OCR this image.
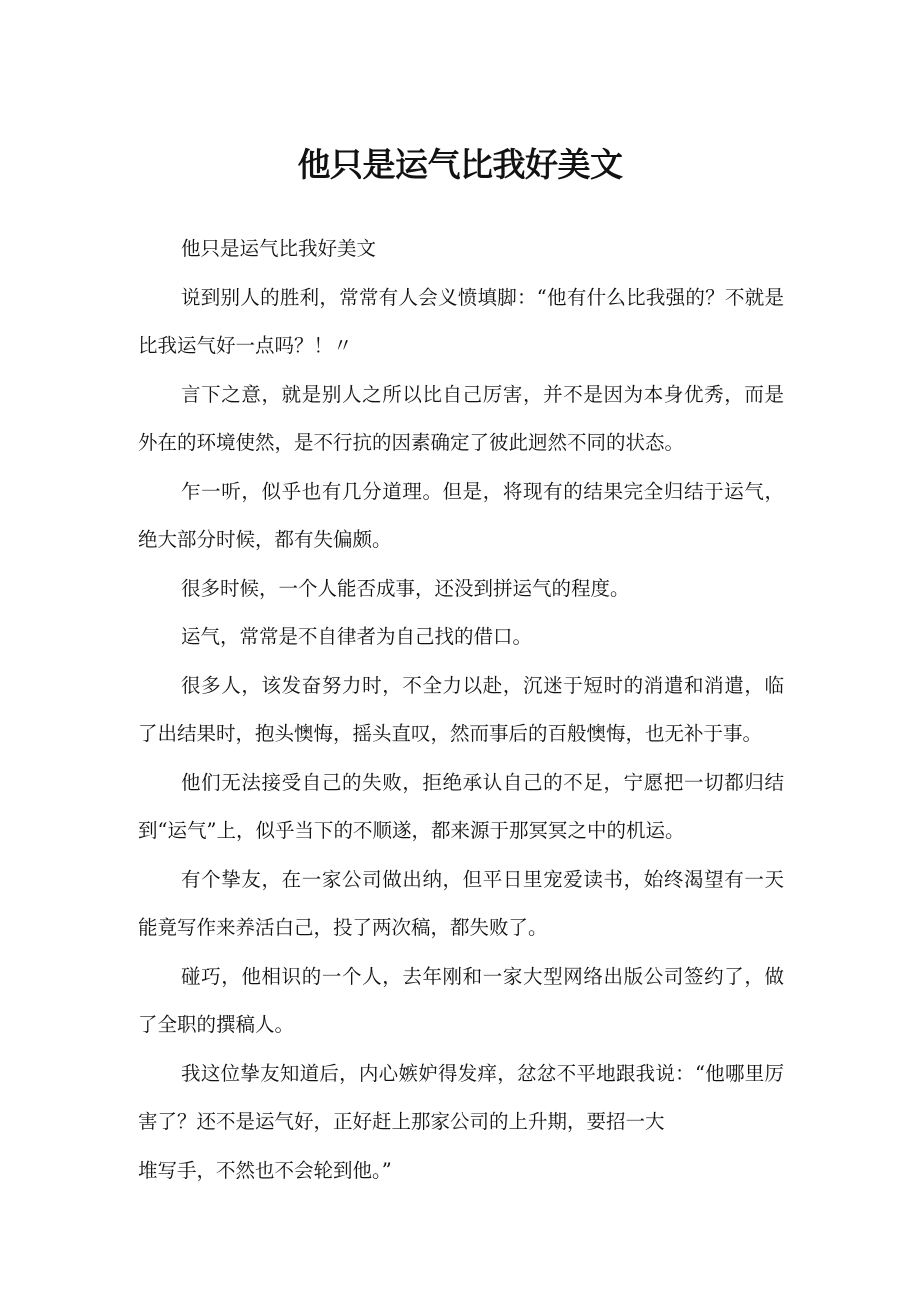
他只是运气比我好美文

他只是运气比我好美文

说到别人的胜利，常常有人会义愤填脚：“他有什么比我强的？不就是比我运气好一点吗？！〃

言下之意，就是别人之所以比自己厉害，并不是因为本身优秀，而是外在的环境使然，是不行抗的因素确定了彼此迥然不同的状态。

乍一听，似乎也有几分道理。但是，将现有的结果完全归结于运气，绝大部分时候，都有失偏颇。

很多时候，一个人能否成事，还没到拼运气的程度。

运气，常常是不自律者为自己找的借口。

很多人，该发奋努力时，不全力以赴，沉迷于短时的消遣和消遣，临了出结果时，抱头懊悔，摇头直叹，然而事后的百般懊悔，也无补于事。

他们无法接受自己的失败，拒绝承认自己的不足，宁愿把一切都归结到“运气”上，似乎当下的不顺遂，都来源于那冥冥之中的机运。

有个挚友，在一家公司做出纳，但平日里宠爱读书，始终渴望有一天能竟写作来养活白己，投了两次稿，都失败了。

碰巧，他相识的一个人，去年刚和一家大型网络出版公司签约了，做了全职的撰稿人。

我这位挚友知道后，内心嫉妒得发痒，忿忿不平地跟我说：“他哪里厉害了？还不是运气好，正好赶上那家公司的上升期，要招一大

堆写手，不然也不会轮到他。”
